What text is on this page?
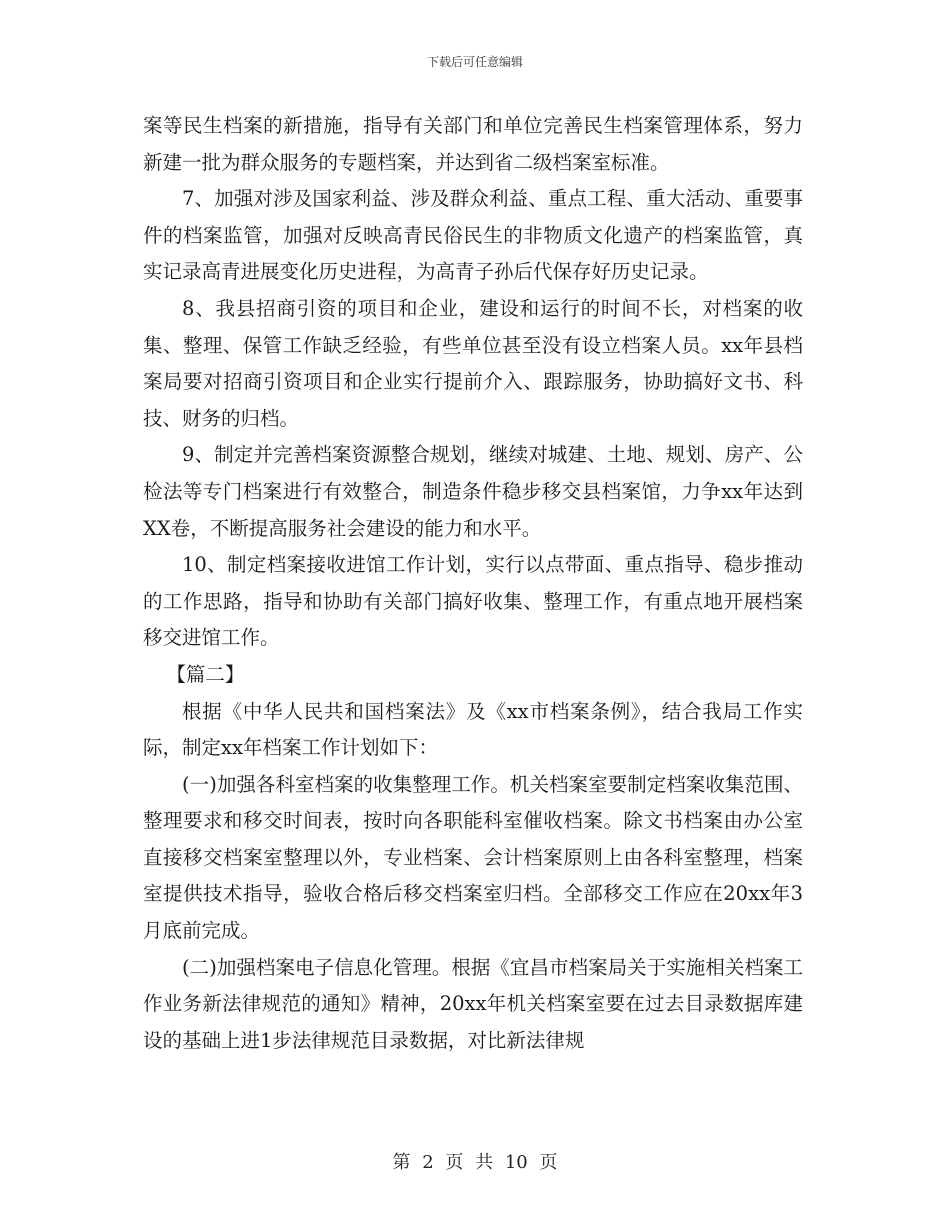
下载后可任意编辑

案等民生档案的新措施，指导有关部门和单位完善民生档案管理体系，努力新建一批为群众服务的专题档案，并达到省二级档案室标准。

7、加强对涉及国家利益、涉及群众利益、重点工程、重大活动、重要事件的档案监管，加强对反映高青民俗民生的非物质文化遗产的档案监管，真实记录高青进展变化历史进程，为高青子孙后代保存好历史记录。

8、我县招商引资的项目和企业，建设和运行的时间不长，对档案的收集、整理、保管工作缺乏经验，有些单位甚至没有设立档案人员。xx年县档案局要对招商引资项目和企业实行提前介入、跟踪服务，协助搞好文书、科技、财务的归档。

9、制定并完善档案资源整合规划，继续对城建、土地、规划、房产、公检法等专门档案进行有效整合，制造条件稳步移交县档案馆，力争xx年达到XX卷，不断提高服务社会建设的能力和水平。

10、制定档案接收进馆工作计划，实行以点带面、重点指导、稳步推动的工作思路，指导和协助有关部门搞好收集、整理工作，有重点地开展档案移交进馆工作。

【篇二】

根据《中华人民共和国档案法》及《xx市档案条例》，结合我局工作实际，制定xx年档案工作计划如下：

(一)加强各科室档案的收集整理工作。机关档案室要制定档案收集范围、整理要求和移交时间表，按时向各职能科室催收档案。除文书档案由办公室直接移交档案室整理以外，专业档案、会计档案原则上由各科室整理，档案室提供技术指导，验收合格后移交档案室归档。全部移交工作应在20xx年3月底前完成。

(二)加强档案电子信息化管理。根据《宜昌市档案局关于实施相关档案工作业务新法律规范的通知》精神，20xx年机关档案室要在过去目录数据库建设的基础上进1步法律规范目录数据，对比新法律规

第 2 页 共 10 页
